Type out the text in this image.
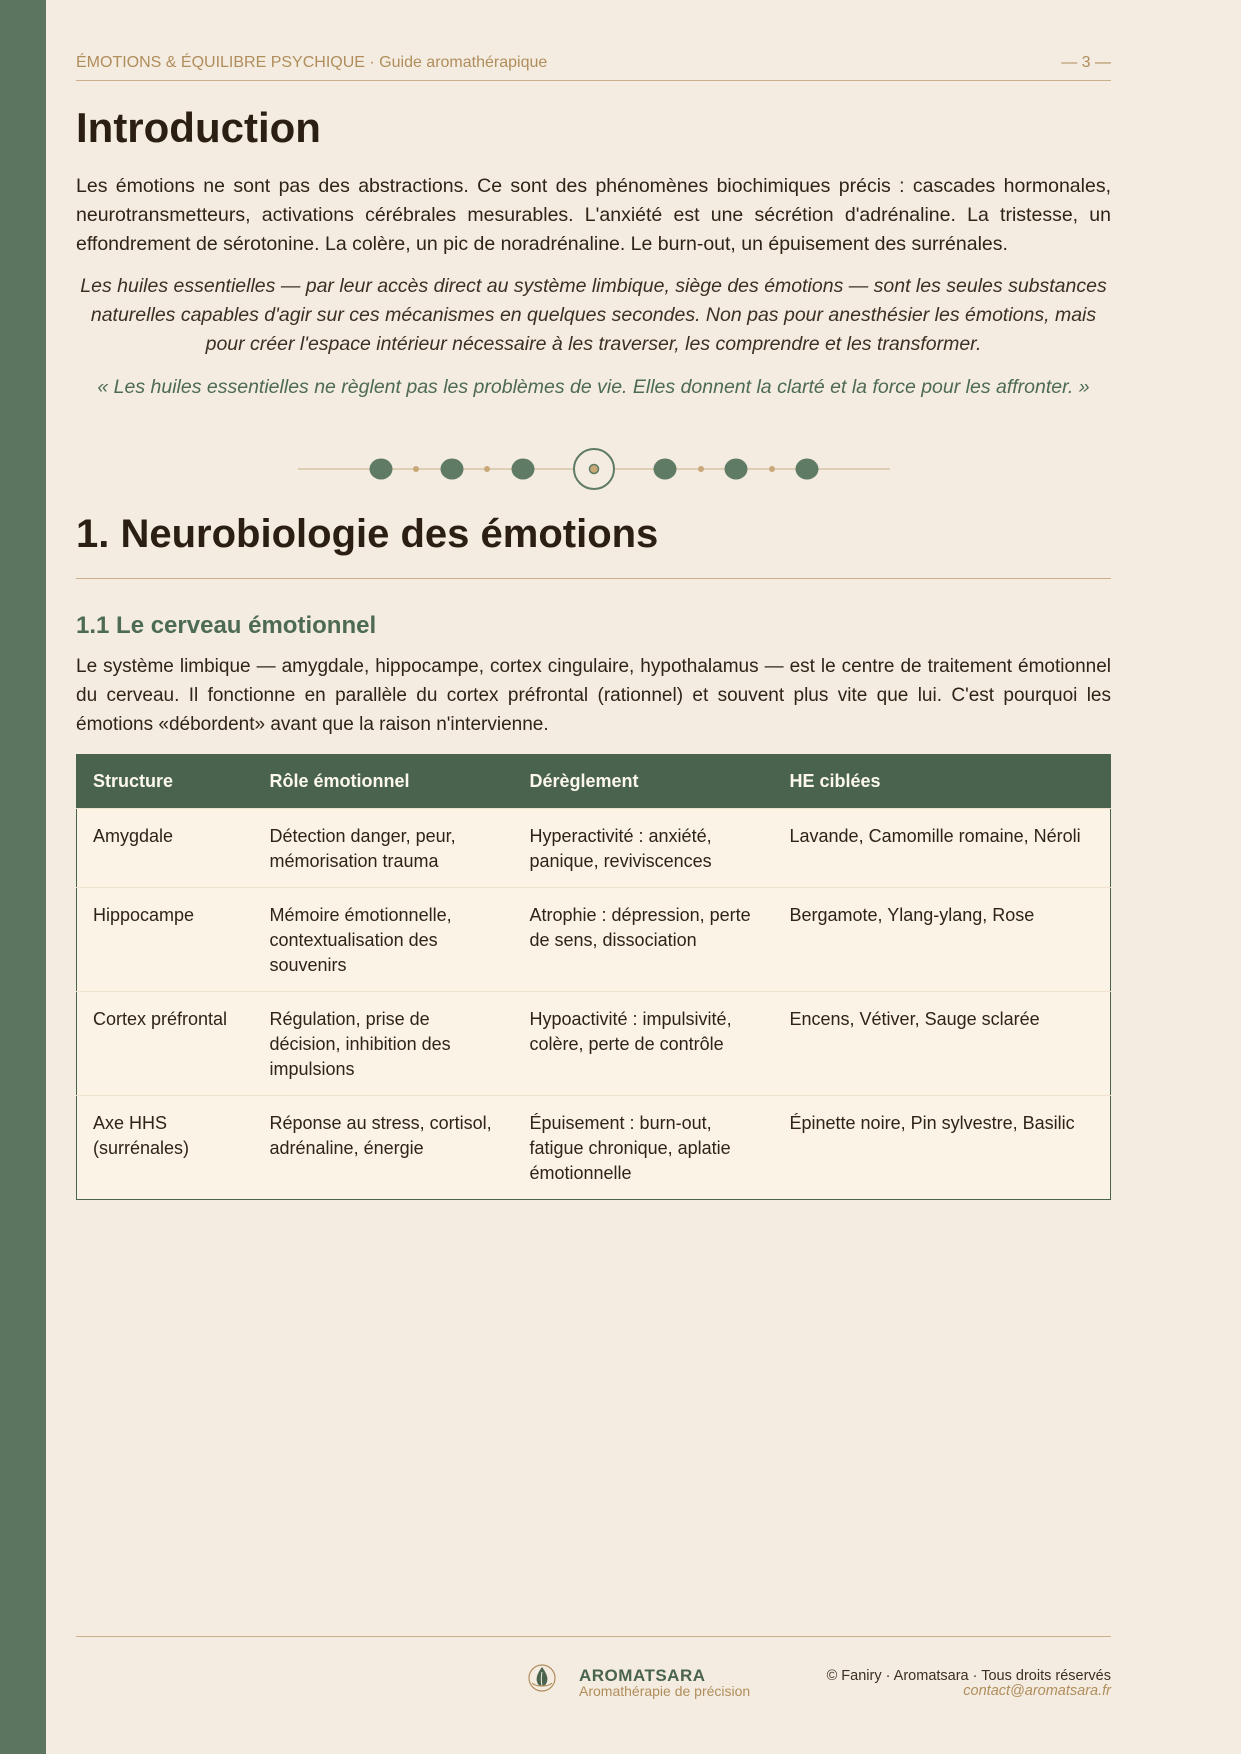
ÉMOTIONS & ÉQUILIBRE PSYCHIQUE · Guide aromathérapique	— 3 —
Introduction

Les émotions ne sont pas des abstractions. Ce sont des phénomènes biochimiques précis : cascades hormonales, neurotransmetteurs, activations cérébrales mesurables. L'anxiété est une sécrétion d'adrénaline. La tristesse, un effondrement de sérotonine. La colère, un pic de noradrénaline. Le burn-out, un épuisement des surrénales.

Les huiles essentielles — par leur accès direct au système limbique, siège des émotions — sont les seules substances naturelles capables d'agir sur ces mécanismes en quelques secondes. Non pas pour anesthésier les émotions, mais pour créer l'espace intérieur nécessaire à les traverser, les comprendre et les transformer.

« Les huiles essentielles ne règlent pas les problèmes de vie. Elles donnent la clarté et la force pour les affronter. »

1. Neurobiologie des émotions
1.1 Le cerveau émotionnel

Le système limbique — amygdale, hippocampe, cortex cingulaire, hypothalamus — est le centre de traitement émotionnel du cerveau. Il fonctionne en parallèle du cortex préfrontal (rationnel) et souvent plus vite que lui. C'est pourquoi les émotions «débordent» avant que la raison n'intervienne.

Structure	Rôle émotionnel	Dérèglement	HE ciblées
Amygdale	Détection danger, peur, mémorisation trauma	Hyperactivité : anxiété, panique, reviviscences	Lavande, Camomille romaine, Néroli
Hippocampe	Mémoire émotionnelle, contextualisation des souvenirs	Atrophie : dépression, perte de sens, dissociation	Bergamote, Ylang-ylang, Rose
Cortex préfrontal	Régulation, prise de décision, inhibition des impulsions	Hypoactivité : impulsivité, colère, perte de contrôle	Encens, Vétiver, Sauge sclarée
Axe HHS (surrénales)	Réponse au stress, cortisol, adrénaline, énergie	Épuisement : burn-out, fatigue chronique, aplatie émotionnelle	Épinette noire, Pin sylvestre, Basilic
AROMATSARA
Aromathérapie de précision
© Faniry · Aromatsara · Tous droits réservés
contact@aromatsara.fr
